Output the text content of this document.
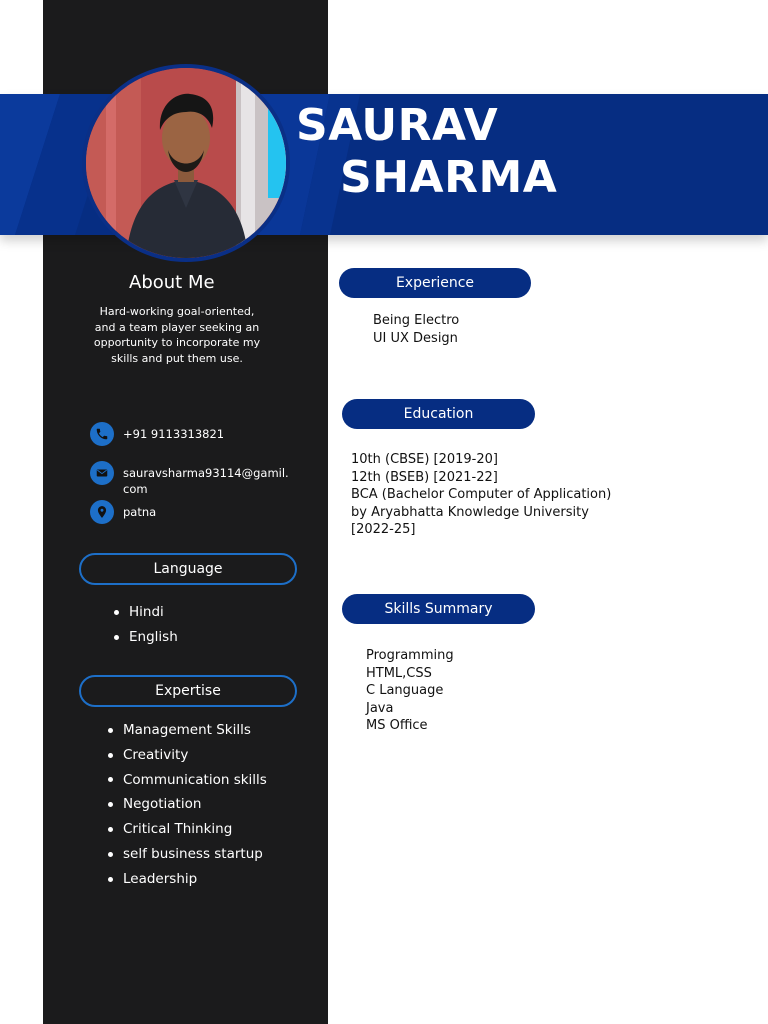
SAURAV
SHARMA
About Me
Hard-working goal-oriented, and a team player seeking an opportunity to incorporate my skills and put them use.
+91 9113313821
sauravsharma93114@gamil.
com
patna
Language
Hindi
English
Expertise
Management Skills
Creativity
Communication skills
Negotiation
Critical Thinking
self business startup
Leadership
Experience
Being Electro
UI UX Design
Education
10th (CBSE) [2019-20]
12th (BSEB) [2021-22]
BCA (Bachelor Computer of Application)
by Aryabhatta Knowledge University
[2022-25]
Skills Summary
Programming
HTML,CSS
C Language
Java
MS Office
